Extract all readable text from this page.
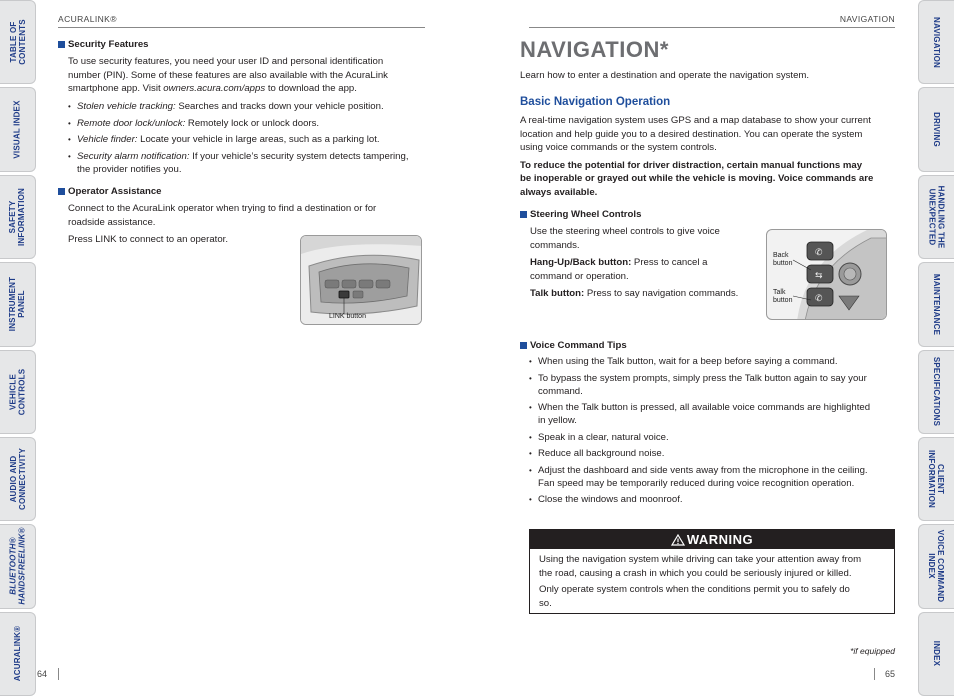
TABLE OF
CONTENTS
VISUAL INDEX
SAFETY
INFORMATION
INSTRUMENT
PANEL
VEHICLE
CONTROLS
AUDIO AND
CONNECTIVITY
BLUETOOTH®
HANDSFREELINK®
ACURALINK®
NAVIGATION
DRIVING
HANDLING THE
UNEXPECTED
MAINTENANCE
SPECIFICATIONS
CLIENT
INFORMATION
VOICE COMMAND
INDEX
INDEX
ACURALINK®
Security Features
To use security features, you need your user ID and personal identification
number (PIN). Some of these features are also available with the AcuraLink
smartphone app. Visit owners.acura.com/apps to download the app.
• Stolen vehicle tracking: Searches and tracks down your vehicle position.
• Remote door lock/unlock: Remotely lock or unlock doors.
• Vehicle finder: Locate your vehicle in large areas, such as a parking lot.
• Security alarm notification: If your vehicle’s security system detects tampering,
the provider notifies you.
Operator Assistance
Connect to the AcuraLink operator when trying to find a destination or for
roadside assistance.
Press LINK to connect to an operator.
LINK button
64
NAVIGATION
NAVIGATION*
Learn how to enter a destination and operate the navigation system.
Basic Navigation Operation
A real-time navigation system uses GPS and a map database to show your current
location and help guide you to a desired destination. You can operate the system
using voice commands or the system controls.
To reduce the potential for driver distraction, certain manual functions may
be inoperable or grayed out while the vehicle is moving. Voice commands are
always available.
Steering Wheel Controls
Use the steering wheel controls to give voice
commands.
Hang-Up/Back button: Press to cancel a
command or operation.
Talk button: Press to say navigation commands.
✆
⇆
✆
Back
button
Talk
button
Voice Command Tips
• When using the Talk button, wait for a beep before saying a command.
• To bypass the system prompts, simply press the Talk button again to say your
command.
• When the Talk button is pressed, all available voice commands are highlighted
in yellow.
• Speak in a clear, natural voice.
• Reduce all background noise.
• Adjust the dashboard and side vents away from the microphone in the ceiling.
Fan speed may be temporarily reduced during voice recognition operation.
• Close the windows and moonroof.
WARNING

Using the navigation system while driving can take your attention away from
the road, causing a crash in which you could be seriously injured or killed.

Only operate system controls when the conditions permit you to safely do
so.

*if equipped
65
